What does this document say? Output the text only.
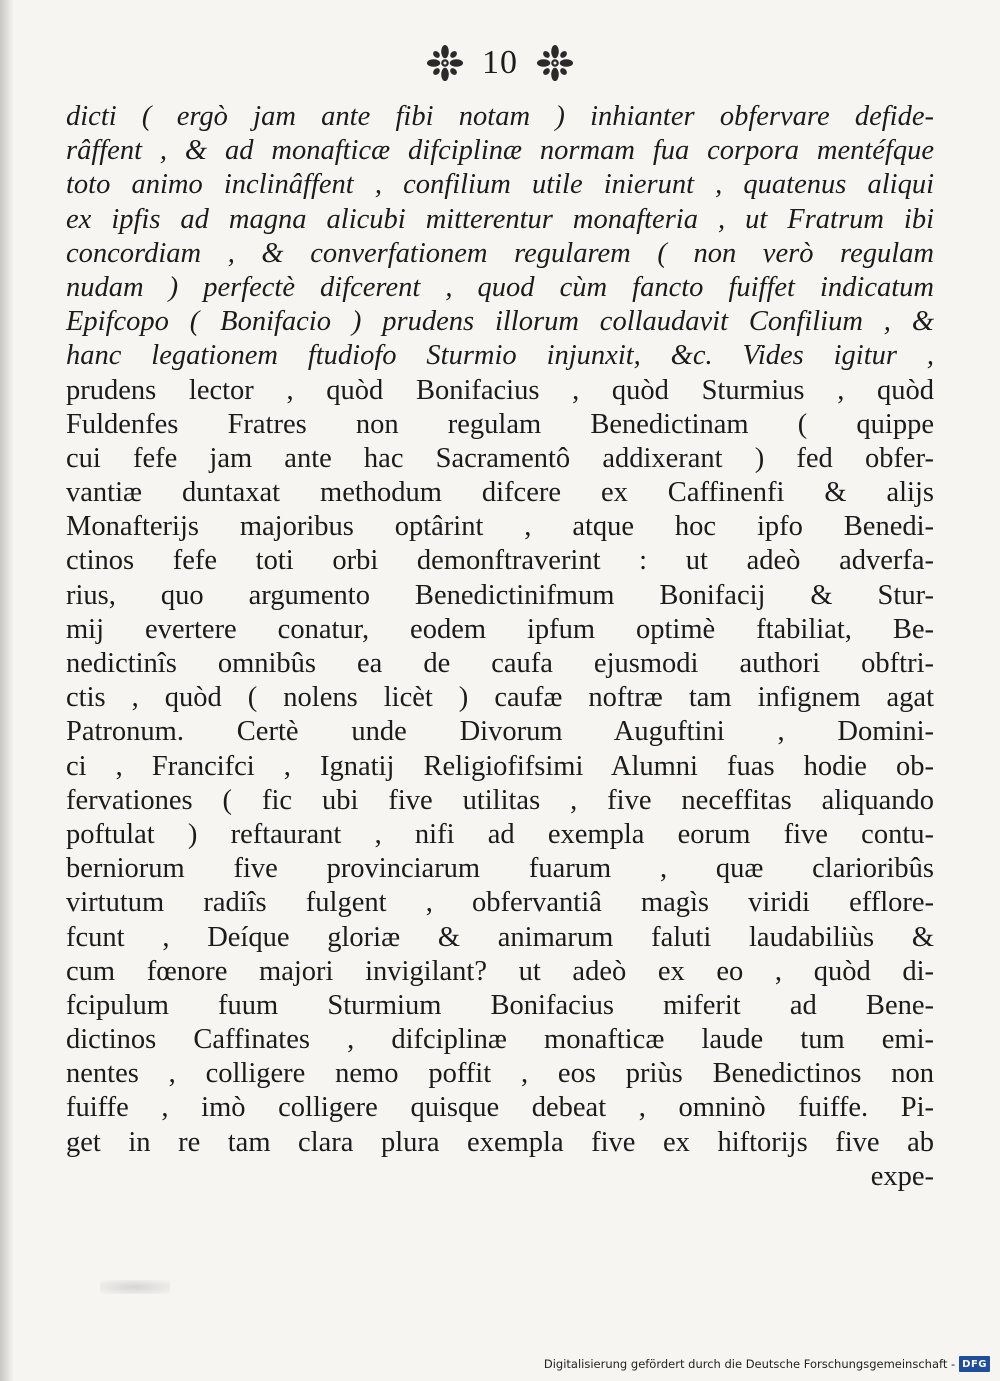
10
dicti ( ergò jam ante fibi notam ) inhianter obfervare defide-
râffent , & ad monafticæ difciplinæ normam fua corpora mentéfque
toto animo inclinâffent , confilium utile inierunt , quatenus aliqui
ex ipfis ad magna alicubi mitterentur monafteria , ut Fratrum ibi
concordiam , & converfationem regularem ( non verò regulam
nudam ) perfectè difcerent , quod cùm fancto fuiffet indicatum
Epifcopo ( Bonifacio ) prudens illorum collaudavit Confilium , &
hanc legationem ftudiofo Sturmio injunxit, &c. Vides igitur ,
prudens lector , quòd Bonifacius , quòd Sturmius , quòd
Fuldenfes Fratres non regulam Benedictinam ( quippe
cui fefe jam ante hac Sacramentô addixerant ) fed obfer-
vantiæ duntaxat methodum difcere ex Caffinenfi & alijs
Monafterijs majoribus optârint , atque hoc ipfo Benedi-
ctinos fefe toti orbi demonftraverint : ut adeò adverfa-
rius, quo argumento Benedictinifmum Bonifacij & Stur-
mij evertere conatur, eodem ipfum optimè ftabiliat, Be-
nedictinîs omnibûs ea de caufa ejusmodi authori obftri-
ctis , quòd ( nolens licèt ) caufæ noftræ tam infignem agat
Patronum. Certè unde Divorum Auguftini , Domini-
ci , Francifci , Ignatij Religiofifsimi Alumni fuas hodie ob-
fervationes ( fic ubi five utilitas , five neceffitas aliquando
poftulat ) reftaurant , nifi ad exempla eorum five contu-
berniorum five provinciarum fuarum , quæ clarioribûs
virtutum radiîs fulgent , obfervantiâ magìs viridi efflore-
fcunt , Deíque gloriæ & animarum faluti laudabiliùs &
cum fœnore majori invigilant? ut adeò ex eo , quòd di-
fcipulum fuum Sturmium Bonifacius miferit ad Bene-
dictinos Caffinates , difciplinæ monafticæ laude tum emi-
nentes , colligere nemo poffit , eos priùs Benedictinos non
fuiffe , imò colligere quisque debeat , omninò fuiffe. Pi-
get in re tam clara plura exempla five ex hiftorijs five ab
expe-
Digitalisierung gefördert durch die Deutsche Forschungsgemeinschaft - DFG
